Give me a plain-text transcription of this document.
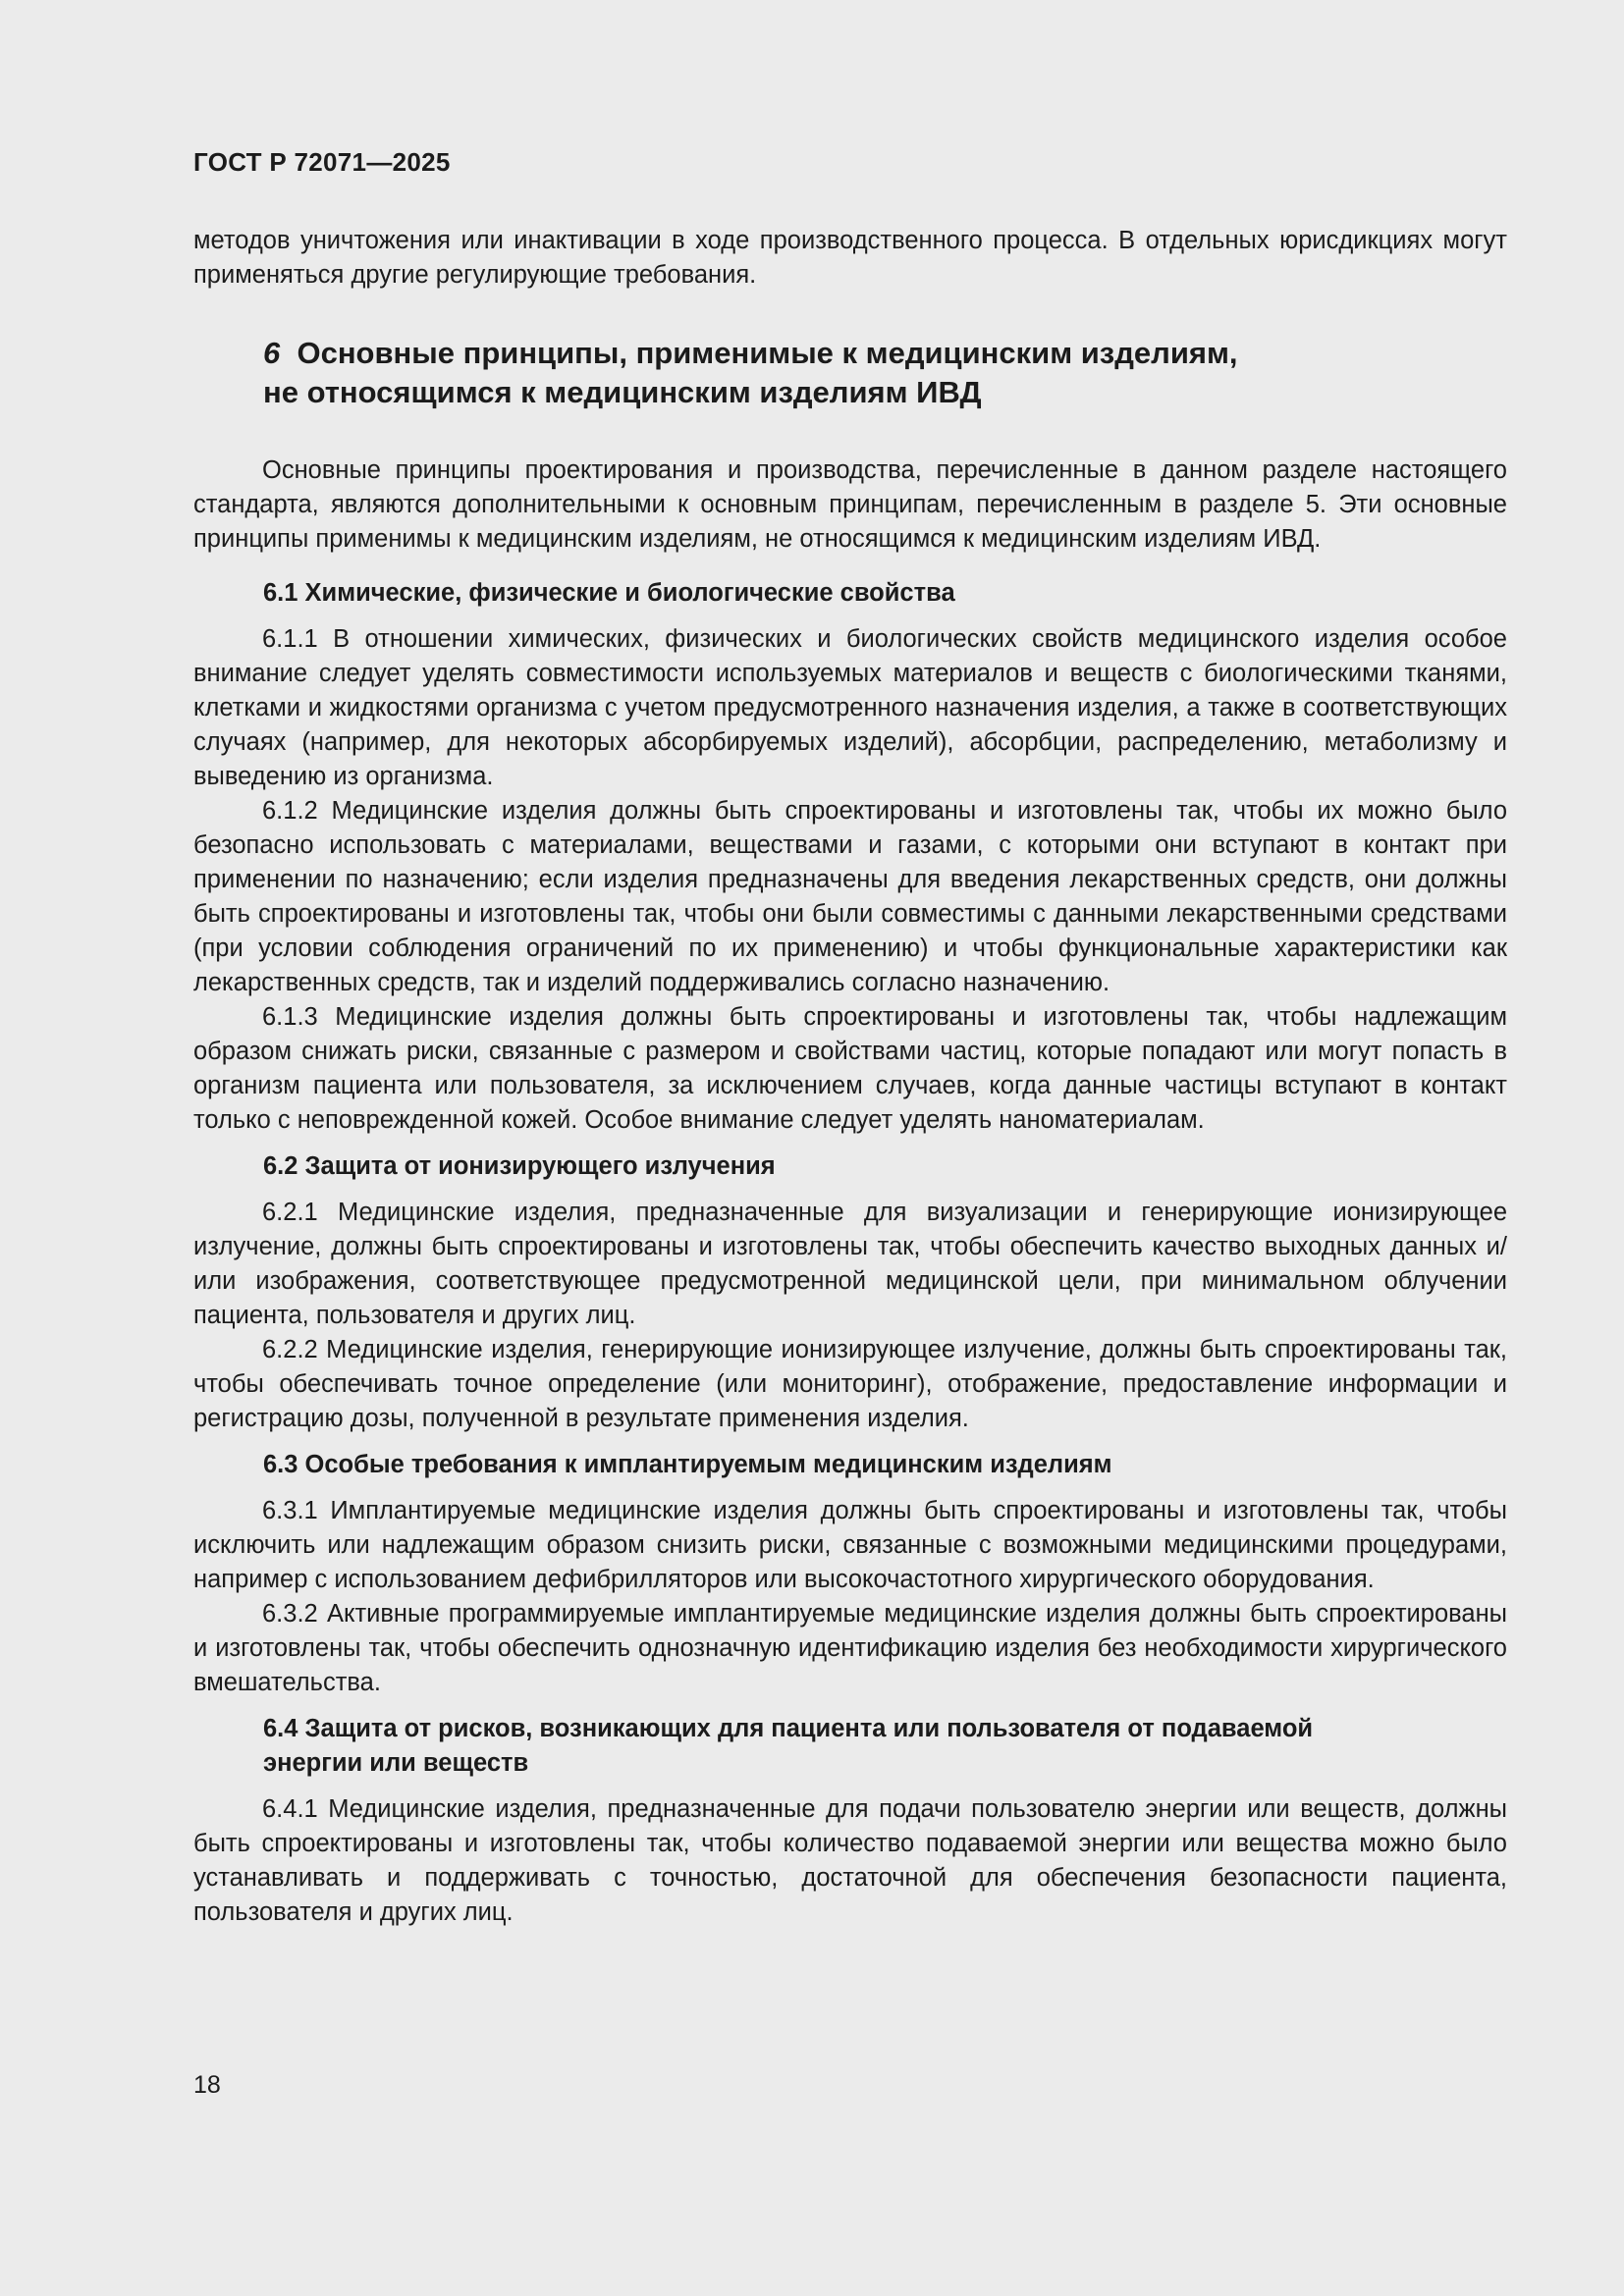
ГОСТ Р 72071—2025

методов уничтожения или инактивации в ходе производственного процесса. В отдельных юрисдикциях могут применяться другие регулирующие требования.

6 Основные принципы, применимые к медицинским изделиям,
не относящимся к медицинским изделиям ИВД

Основные принципы проектирования и производства, перечисленные в данном разделе настоящего стандарта, являются дополнительными к основным принципам, перечисленным в разделе 5. Эти основные принципы применимы к медицинским изделиям, не относящимся к медицинским изделиям ИВД.

6.1 Химические, физические и биологические свойства

6.1.1 В отношении химических, физических и биологических свойств медицинского изделия особое внимание следует уделять совместимости используемых материалов и веществ с биологическими тканями, клетками и жидкостями организма с учетом предусмотренного назначения изделия, а также в соответствующих случаях (например, для некоторых абсорбируемых изделий), абсорбции, распределению, метаболизму и выведению из организма.

6.1.2 Медицинские изделия должны быть спроектированы и изготовлены так, чтобы их можно было безопасно использовать с материалами, веществами и газами, с которыми они вступают в контакт при применении по назначению; если изделия предназначены для введения лекарственных средств, они должны быть спроектированы и изготовлены так, чтобы они были совместимы с данными лекарственными средствами (при условии соблюдения ограничений по их применению) и чтобы функциональные характеристики как лекарственных средств, так и изделий поддерживались согласно назначению.

6.1.3 Медицинские изделия должны быть спроектированы и изготовлены так, чтобы надлежащим образом снижать риски, связанные с размером и свойствами частиц, которые попадают или могут попасть в организм пациента или пользователя, за исключением случаев, когда данные частицы вступают в контакт только с неповрежденной кожей. Особое внимание следует уделять наноматериалам.

6.2 Защита от ионизирующего излучения

6.2.1 Медицинские изделия, предназначенные для визуализации и генерирующие ионизирующее излучение, должны быть спроектированы и изготовлены так, чтобы обеспечить качество выходных данных и/или изображения, соответствующее предусмотренной медицинской цели, при минимальном облучении пациента, пользователя и других лиц.

6.2.2 Медицинские изделия, генерирующие ионизирующее излучение, должны быть спроектированы так, чтобы обеспечивать точное определение (или мониторинг), отображение, предоставление информации и регистрацию дозы, полученной в результате применения изделия.

6.3 Особые требования к имплантируемым медицинским изделиям

6.3.1 Имплантируемые медицинские изделия должны быть спроектированы и изготовлены так, чтобы исключить или надлежащим образом снизить риски, связанные с возможными медицинскими процедурами, например с использованием дефибрилляторов или высокочастотного хирургического оборудования.

6.3.2 Активные программируемые имплантируемые медицинские изделия должны быть спроектированы и изготовлены так, чтобы обеспечить однозначную идентификацию изделия без необходимости хирургического вмешательства.

6.4 Защита от рисков, возникающих для пациента или пользователя от подаваемой
энергии или веществ

6.4.1 Медицинские изделия, предназначенные для подачи пользователю энергии или веществ, должны быть спроектированы и изготовлены так, чтобы количество подаваемой энергии или вещества можно было устанавливать и поддерживать с точностью, достаточной для обеспечения безопасности пациента, пользователя и других лиц.

18
